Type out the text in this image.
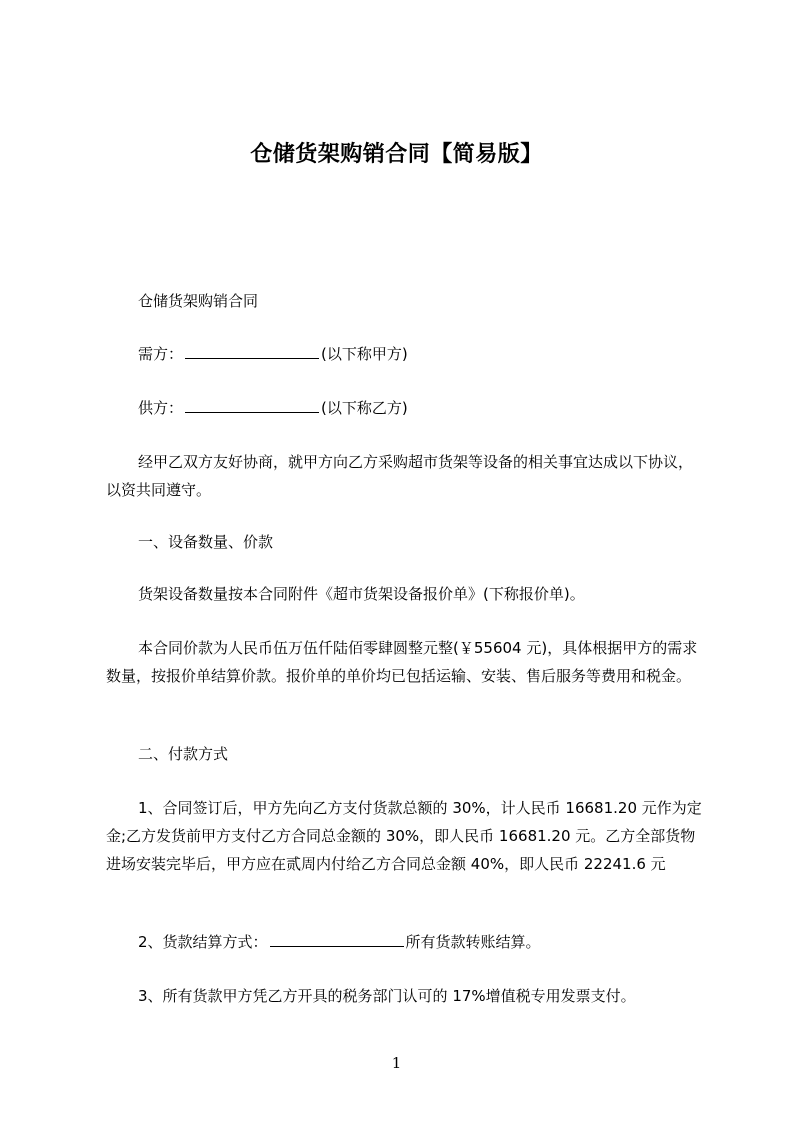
仓储货架购销合同【简易版】
仓储货架购销合同
需方：	(以下称甲方)
供方：	(以下称乙方)
经甲乙双方友好协商，就甲方向乙方采购超市货架等设备的相关事宜达成以下协议，以资共同遵守。
一、设备数量、价款
货架设备数量按本合同附件《超市货架设备报价单》(下称报价单)。
本合同价款为人民币伍万伍仟陆佰零肆圆整元整(￥55604 元)，具体根据甲方的需求数量，按报价单结算价款。报价单的单价均已包括运输、安装、售后服务等费用和税金。
二、付款方式
1、合同签订后，甲方先向乙方支付货款总额的 30%，计人民币 16681.20 元作为定金;乙方发货前甲方支付乙方合同总金额的 30%，即人民币 16681.20 元。乙方全部货物进场安装完毕后，甲方应在贰周内付给乙方合同总金额 40%，即人民币 22241.6 元
2、货款结算方式：	所有货款转账结算。
3、所有货款甲方凭乙方开具的税务部门认可的 17%增值税专用发票支付。
1
